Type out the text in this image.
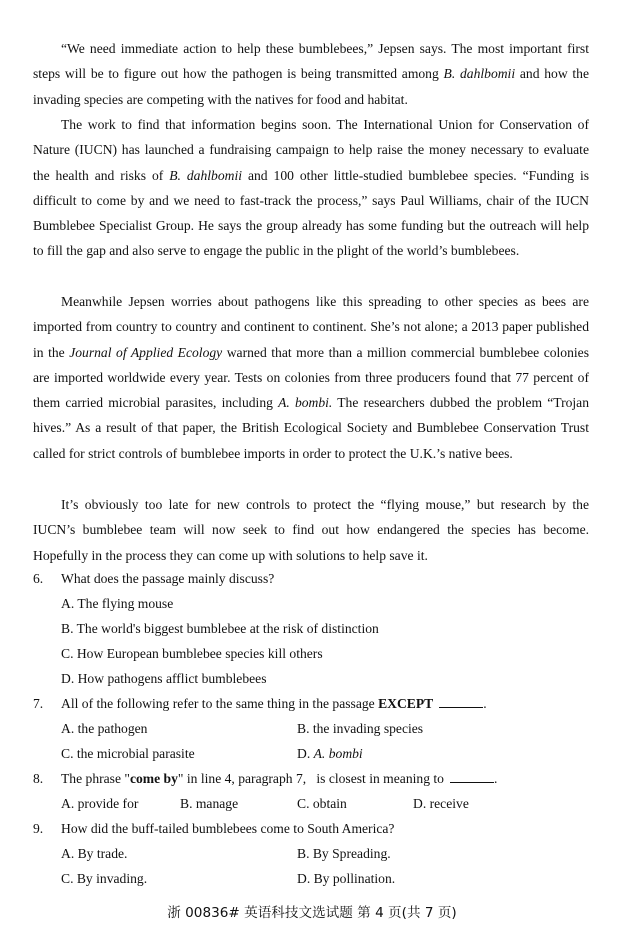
“We need immediate action to help these bumblebees,” Jepsen says. The most important first steps will be to figure out how the pathogen is being transmitted among B. dahlbomii and how the invading species are competing with the natives for food and habitat.

The work to find that information begins soon. The International Union for Conservation of Nature (IUCN) has launched a fundraising campaign to help raise the money necessary to evaluate the health and risks of B. dahlbomii and 100 other little-studied bumblebee species. “Funding is difficult to come by and we need to fast-track the process,” says Paul Williams, chair of the IUCN Bumblebee Specialist Group. He says the group already has some funding but the outreach will help to fill the gap and also serve to engage the public in the plight of the world’s bumblebees.

Meanwhile Jepsen worries about pathogens like this spreading to other species as bees are imported from country to country and continent to continent. She’s not alone; a 2013 paper published in the Journal of Applied Ecology warned that more than a million commercial bumblebee colonies are imported worldwide every year. Tests on colonies from three producers found that 77 percent of them carried microbial parasites, including A. bombi. The researchers dubbed the problem “Trojan hives.” As a result of that paper, the British Ecological Society and Bumblebee Conservation Trust called for strict controls of bumblebee imports in order to protect the U.K.’s native bees.

It’s obviously too late for new controls to protect the “flying mouse,” but research by the IUCN’s bumblebee team will now seek to find out how endangered the species has become. Hopefully in the process they can come up with solutions to help save it.

6. What does the passage mainly discuss?
A. The flying mouse
B. The world's biggest bumblebee at the risk of distinction
C. How European bumblebee species kill others
D. How pathogens afflict bumblebees
7. All of the following refer to the same thing in the passage EXCEPT	.
A. the pathogen	B. the invading species
C. the microbial parasite	D. A. bombi
8. The phrase "come by" in line 4, paragraph 7,   is closest in meaning to	.
A. provide for	B. manage	C. obtain	D. receive
9. How did the buff-tailed bumblebees come to South America?
A. By trade.	B. By Spreading.
C. By invading.	D. By pollination.
浙 00836# 英语科技文选试题 第 4 页(共 7 页)
